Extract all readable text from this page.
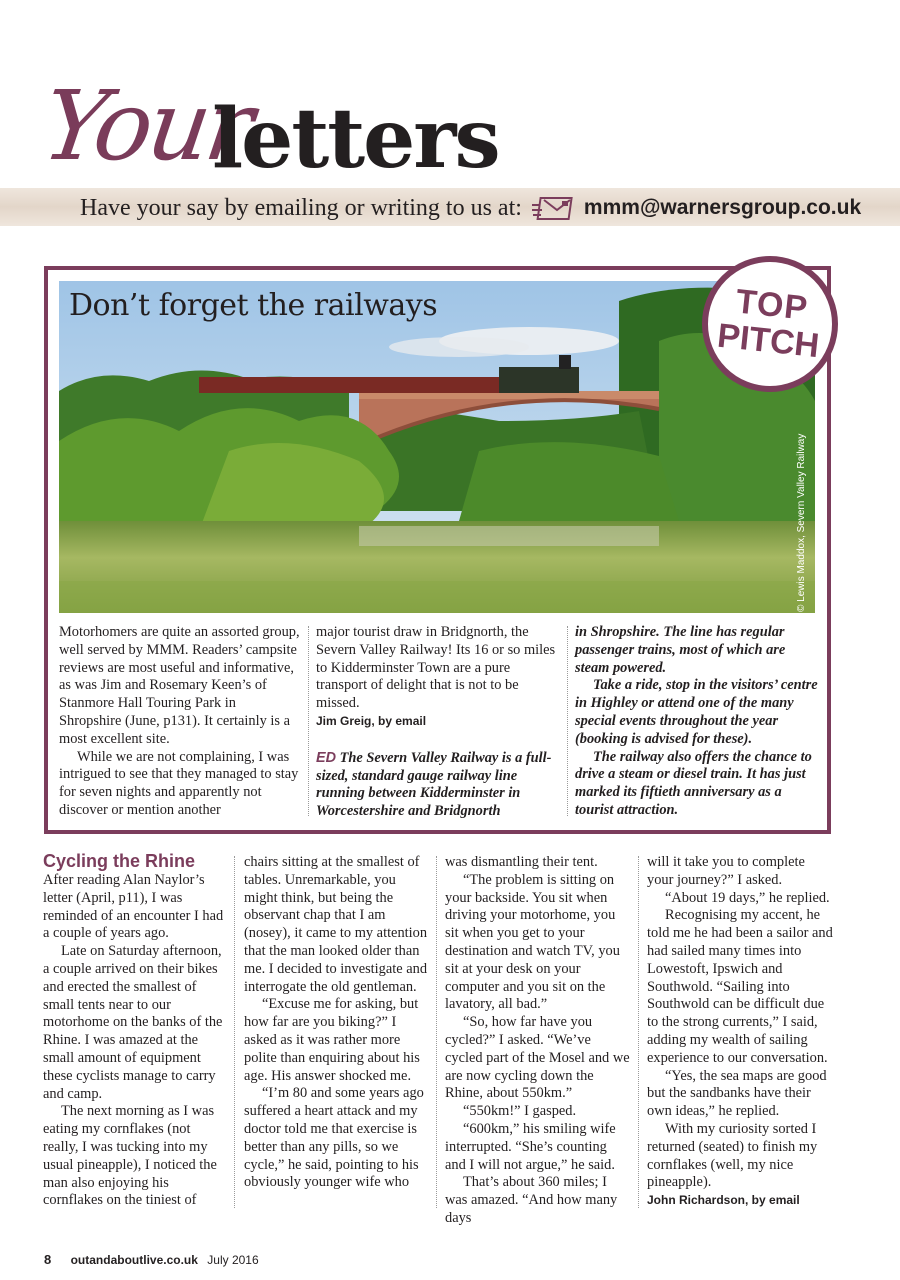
Your
letters
Have your say by emailing or writing to us at:	mmm@warnersgroup.co.uk
Don’t forget the railways
© Lewis Maddox, Severn Valley Railway
TOP
PITCH

Motorhomers are quite an assorted group, well served by MMM. Readers’ campsite reviews are most useful and informative, as was Jim and Rosemary Keen’s of Stanmore Hall Touring Park in Shropshire (June, p131). It certainly is a most excellent site.

While we are not complaining, I was intrigued to see that they managed to stay for seven nights and apparently not discover or mention another

major tourist draw in Bridgnorth, the Severn Valley Railway! Its 16 or so miles to Kidderminster Town are a pure transport of delight that is not to be missed.

Jim Greig, by email

ED The Severn Valley Railway is a full-sized, standard gauge railway line running between Kidderminster in Worcestershire and Bridgnorth

in Shropshire. The line has regular passenger trains, most of which are steam powered.

Take a ride, stop in the visitors’ centre in Highley or attend one of the many special events throughout the year (booking is advised for these).

The railway also offers the chance to drive a steam or diesel train. It has just marked its fiftieth anniversary as a tourist attraction.

Cycling the Rhine

After reading Alan Naylor’s letter (April, p11), I was reminded of an encounter I had a couple of years ago.

Late on Saturday afternoon, a couple arrived on their bikes and erected the smallest of small tents near to our motorhome on the banks of the Rhine. I was amazed at the small amount of equipment these cyclists manage to carry and camp.

The next morning as I was eating my cornflakes (not really, I was tucking into my usual pineapple), I noticed the man also enjoying his cornflakes on the tiniest of

chairs sitting at the smallest of tables. Unremarkable, you might think, but being the observant chap that I am (nosey), it came to my attention that the man looked older than me. I decided to investigate and interrogate the old gentleman.

“Excuse me for asking, but how far are you biking?” I asked as it was rather more polite than enquiring about his age. His answer shocked me.

“I’m 80 and some years ago suffered a heart attack and my doctor told me that exercise is better than any pills, so we cycle,” he said, pointing to his obviously younger wife who

was dismantling their tent.

“The problem is sitting on your backside. You sit when driving your motorhome, you sit when you get to your destination and watch TV, you sit at your desk on your computer and you sit on the lavatory, all bad.”

“So, how far have you cycled?” I asked. “We’ve cycled part of the Mosel and we are now cycling down the Rhine, about 550km.”

“550km!” I gasped.

“600km,” his smiling wife interrupted. “She’s counting and I will not argue,” he said.

That’s about 360 miles; I was amazed. “And how many days

will it take you to complete your journey?” I asked.

“About 19 days,” he replied.

Recognising my accent, he told me he had been a sailor and had sailed many times into Lowestoft, Ipswich and Southwold. “Sailing into Southwold can be difficult due to the strong currents,” I said, adding my wealth of sailing experience to our conversation.

“Yes, the sea maps are good but the sandbanks have their own ideas,” he replied.

With my curiosity sorted I returned (seated) to finish my cornflakes (well, my nice pineapple).

John Richardson, by email

8 outandaboutlive.co.uk July 2016
